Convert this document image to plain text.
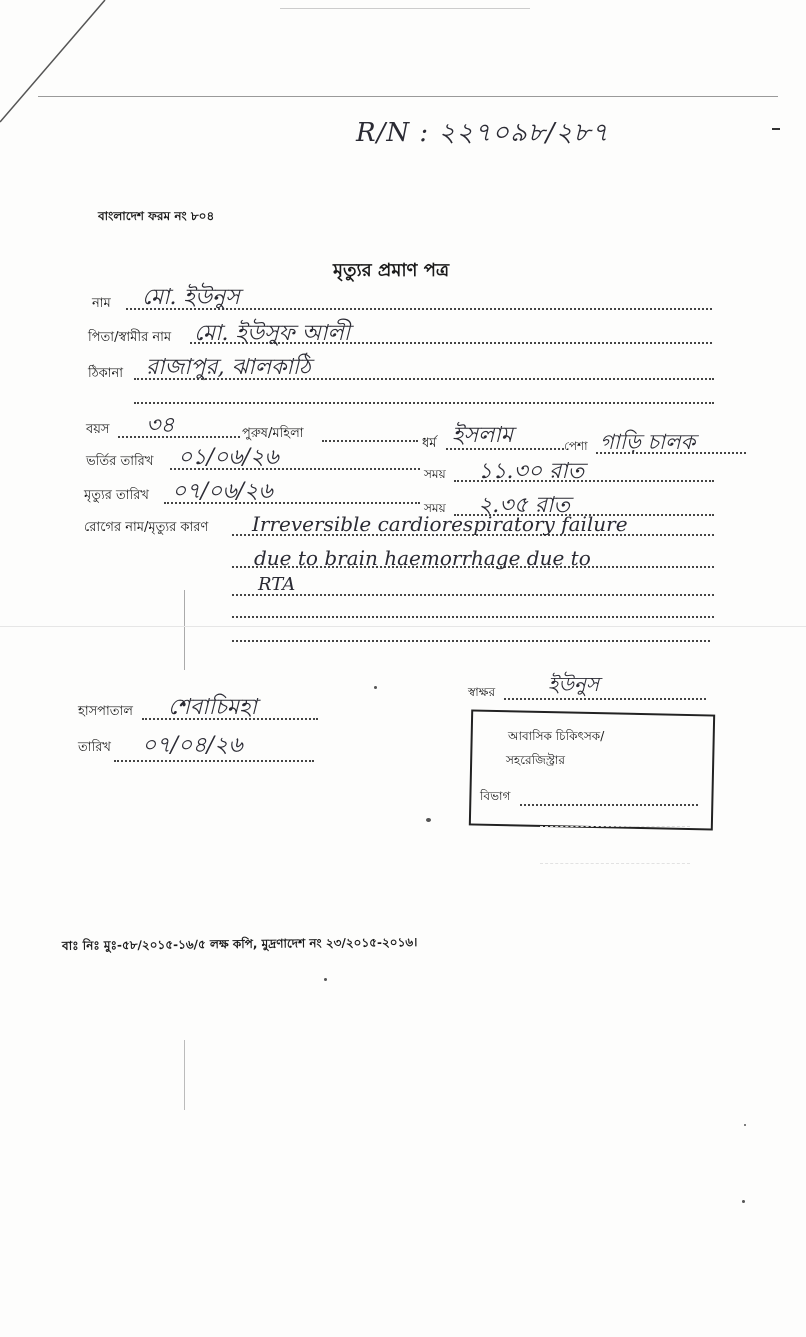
R/N : ২২৭০৯৮/২৮৭
বাংলাদেশ ফরম নং ৮০৪
মৃত্যুর প্রমাণ পত্র
নাম মো. ইউনুস
পিতা/স্বামীর নাম মো. ইউসুফ আলী
ঠিকানা রাজাপুর, ঝালকাঠি
বয়স ৩৪	পুরুষ/মহিলা
ধর্ম ইসলাম	পেশা গাড়ি চালক
ভর্তির তারিখ ০১/০৬/২৬
সময় ১১.৩০ রাত
মৃত্যুর তারিখ ০৭/০৬/২৬
সময় ২.৩৫ রাত
রোগের নাম/মৃত্যুর কারণ Irreversible cardiorespiratory failure
due to brain haemorrhage due to
RTA
স্বাক্ষর	ইউনুস
হাসপাতাল শেবাচিমহা
তারিখ ০৭/০৪/২৬	আবাসিক চিকিৎসক/
সহরেজিস্ট্রার
বিভাগ
বাঃ নিঃ মুঃ-৫৮/২০১৫-১৬/৫ লক্ষ কপি, মুদ্রণাদেশ নং ২৩/২০১৫-২০১৬।
